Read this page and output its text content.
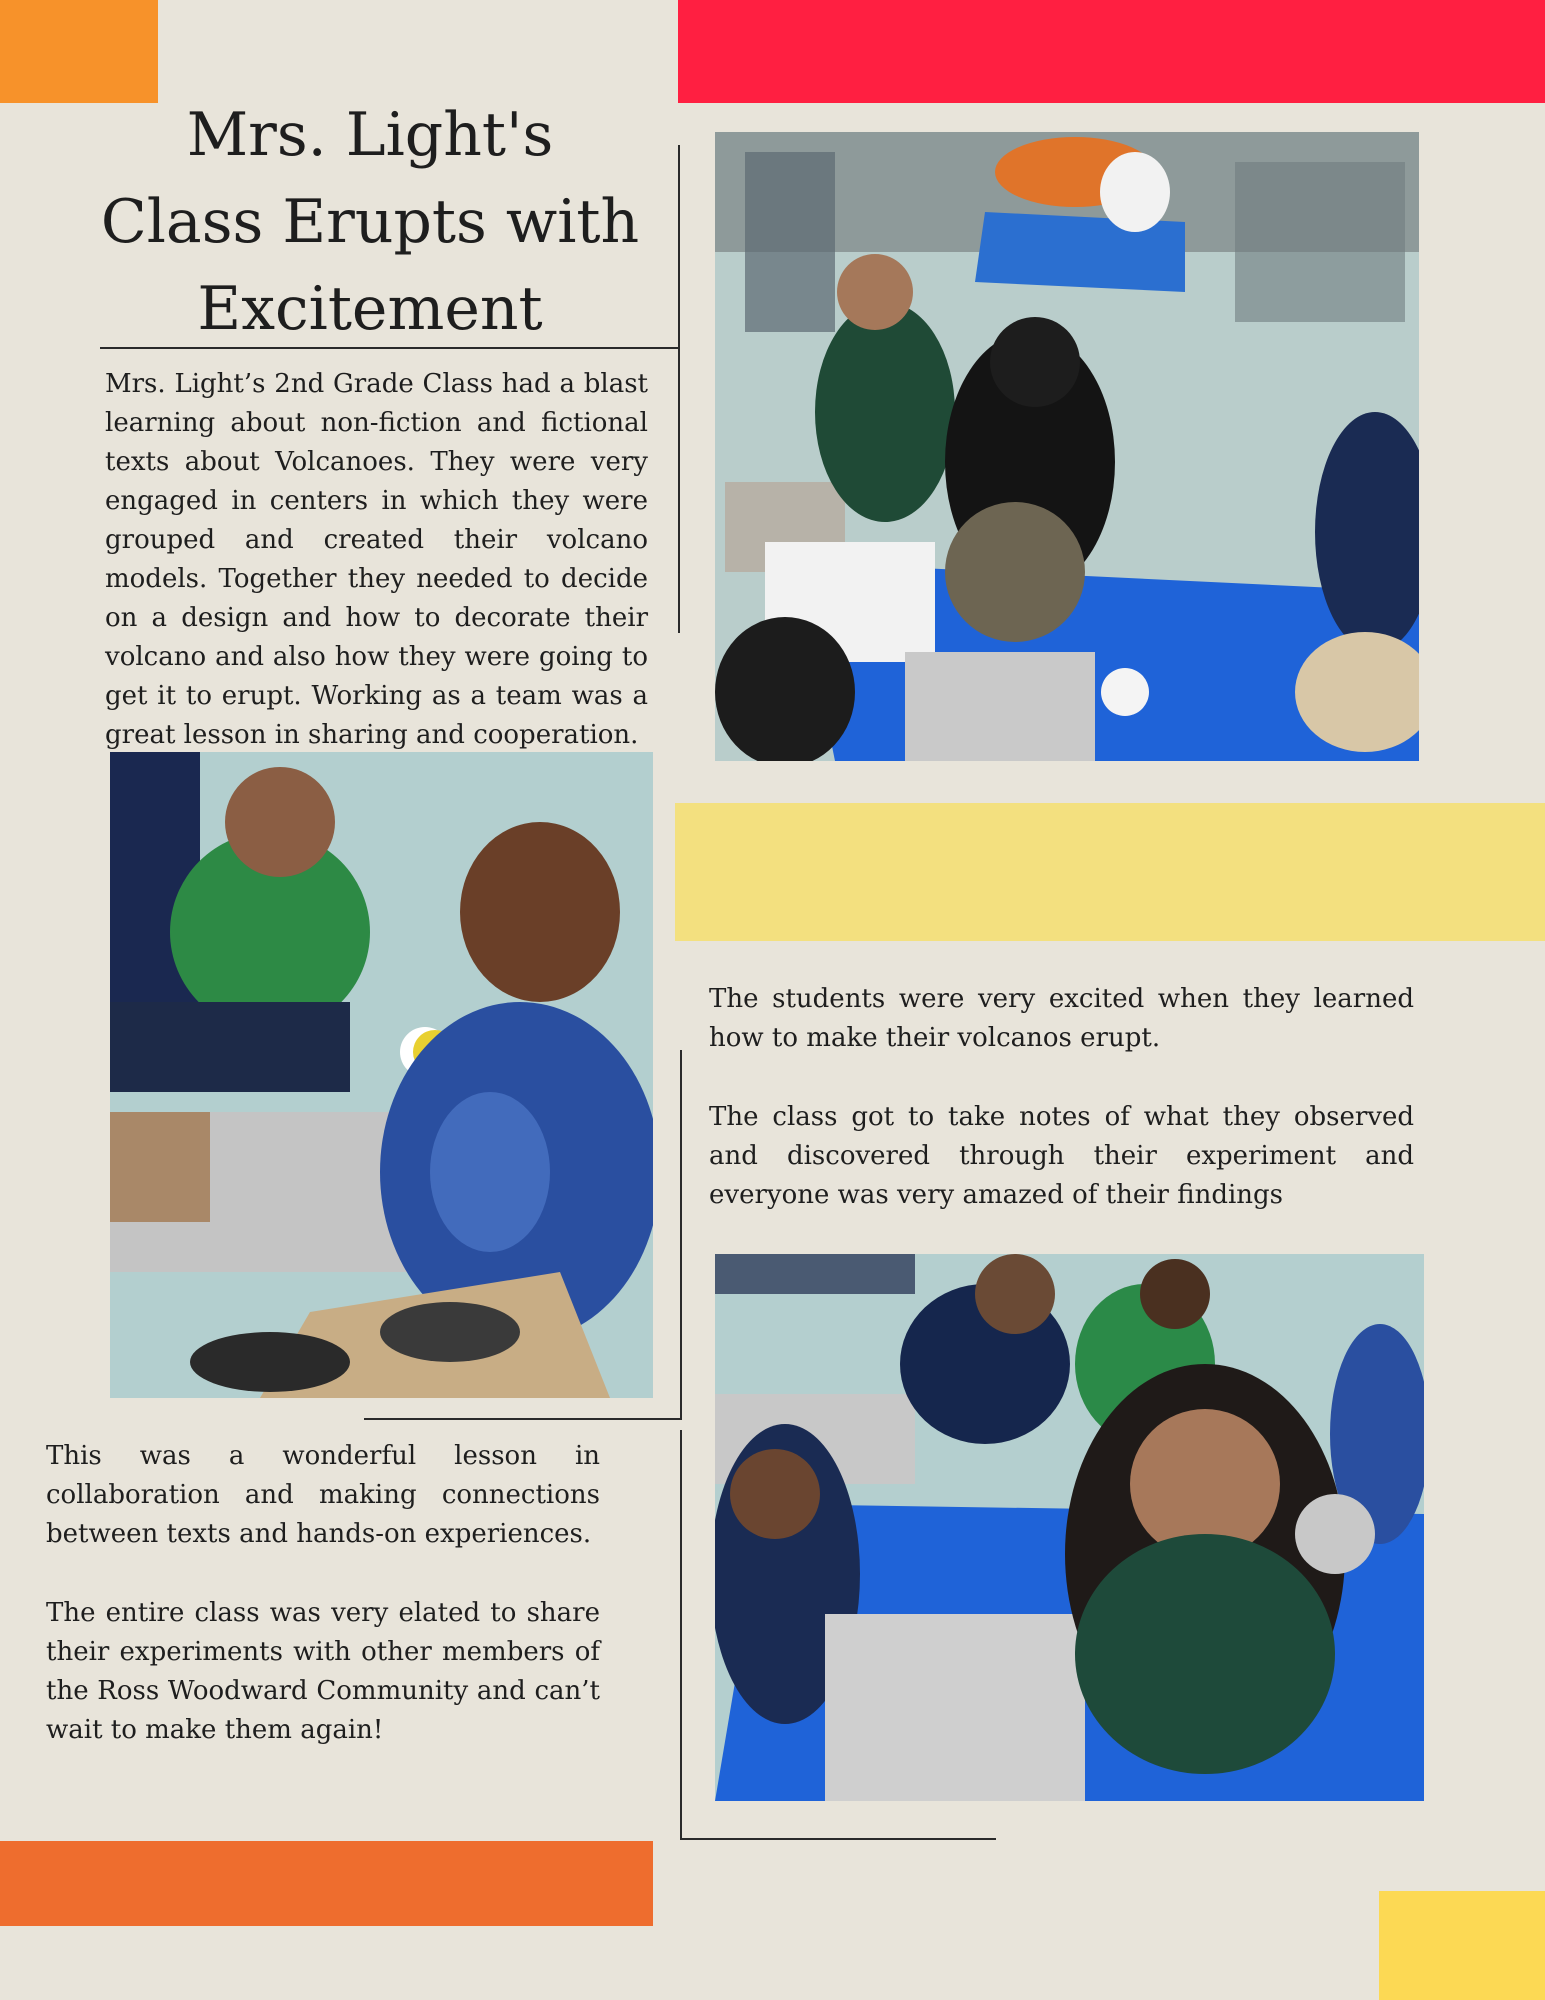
Mrs. Light's Class Erupts with Excitement

Mrs. Light’s 2nd Grade Class had a blast learning about non-fiction and fictional texts about Volcanoes. They were very engaged in centers in which they were grouped and created their volcano models. Together they needed to decide on a design and how to decorate their volcano and also how they were going to get it to erupt. Working as a team was a great lesson in sharing and cooperation.

The students were very excited when they learned how to make their volcanos erupt.

The class got to take notes of what they observed and discovered through their experiment and everyone was very amazed of their findings

This was a wonderful lesson in collaboration and making connections between texts and hands-on experiences.

The entire class was very elated to share their experiments with other members of the Ross Woodward Community and can’t wait to make them again!
